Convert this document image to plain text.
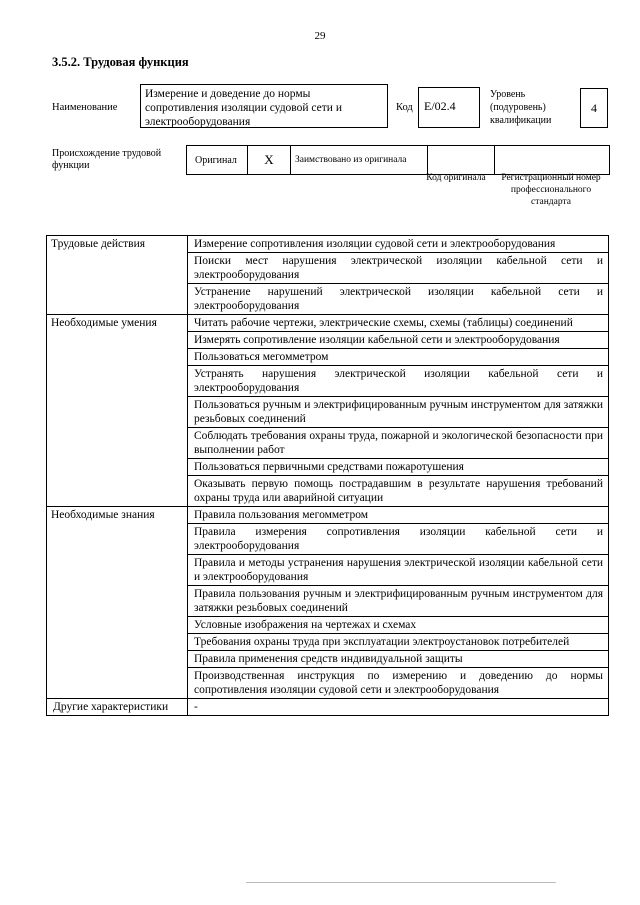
29
3.5.2. Трудовая функция
Наименование
Измерение и доведение до нормы сопротивления изоляции судовой сети и электрооборудования
Код E/02.4
Уровень (подуровень) квалификации
4
Происхождение трудовой функции	Оригинал	X	Заимствовано из оригинала		
Код оригинала	Регистрационный номер профессионального стандарта
Трудовые действия	Измерение сопротивления изоляции судовой сети и электрооборудования
	Поиски мест нарушения электрической изоляции кабельной сети и электрооборудования
	Устранение нарушений электрической изоляции кабельной сети и электрооборудования
Необходимые умения	Читать рабочие чертежи, электрические схемы, схемы (таблицы) соединений
	Измерять сопротивление изоляции кабельной сети и электрооборудования
	Пользоваться мегомметром
	Устранять нарушения электрической изоляции кабельной сети и электрооборудования
	Пользоваться ручным и электрифицированным ручным инструментом для затяжки резьбовых соединений
	Соблюдать требования охраны труда, пожарной и экологической безопасности при выполнении работ
	Пользоваться первичными средствами пожаротушения
	Оказывать первую помощь пострадавшим в результате нарушения требований охраны труда или аварийной ситуации
Необходимые знания	Правила пользования мегомметром
	Правила измерения сопротивления изоляции кабельной сети и электрооборудования
	Правила и методы устранения нарушения электрической изоляции кабельной сети и электрооборудования
	Правила пользования ручным и электрифицированным ручным инструментом для затяжки резьбовых соединений
	Условные изображения на чертежах и схемах
	Требования охраны труда при эксплуатации электроустановок потребителей
	Правила применения средств индивидуальной защиты
	Производственная инструкция по измерению и доведению до нормы сопротивления изоляции судовой сети и электрооборудования
Другие характеристики	-
